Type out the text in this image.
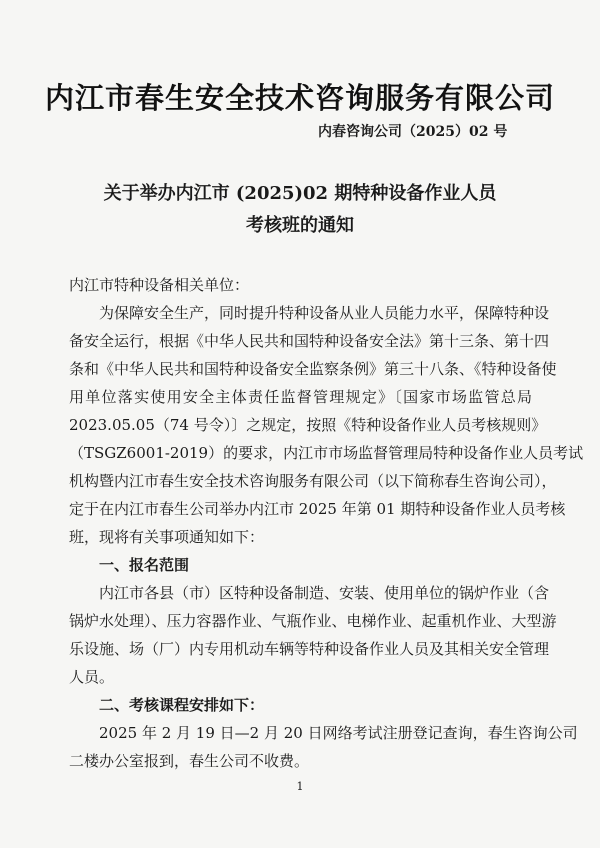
内江市春生安全技术咨询服务有限公司
内春咨询公司（2025）02 号
关于举办内江市 (2025)02 期特种设备作业人员
考核班的通知
内江市特种设备相关单位：
为保障安全生产，同时提升特种设备从业人员能力水平，保障特种设
备安全运行，根据《中华人民共和国特种设备安全法》第十三条、第十四
条和《中华人民共和国特种设备安全监察条例》第三十八条、《特种设备使
用单位落实使用安全主体责任监督管理规定》〔国家市场监管总局
2023.05.05（74 号令）〕之规定，按照《特种设备作业人员考核规则》
（TSGZ6001-2019）的要求，内江市市场监督管理局特种设备作业人员考试
机构暨内江市春生安全技术咨询服务有限公司（以下简称春生咨询公司），
定于在内江市春生公司举办内江市 2025 年第 01 期特种设备作业人员考核
班，现将有关事项通知如下：
一、报名范围
内江市各县（市）区特种设备制造、安装、使用单位的锅炉作业（含
锅炉水处理）、压力容器作业、气瓶作业、电梯作业、起重机作业、大型游
乐设施、场（厂）内专用机动车辆等特种设备作业人员及其相关安全管理
人员。
二、考核课程安排如下：
2025 年 2 月 19 日—2 月 20 日网络考试注册登记查询，春生咨询公司
二楼办公室报到，春生公司不收费。
1
